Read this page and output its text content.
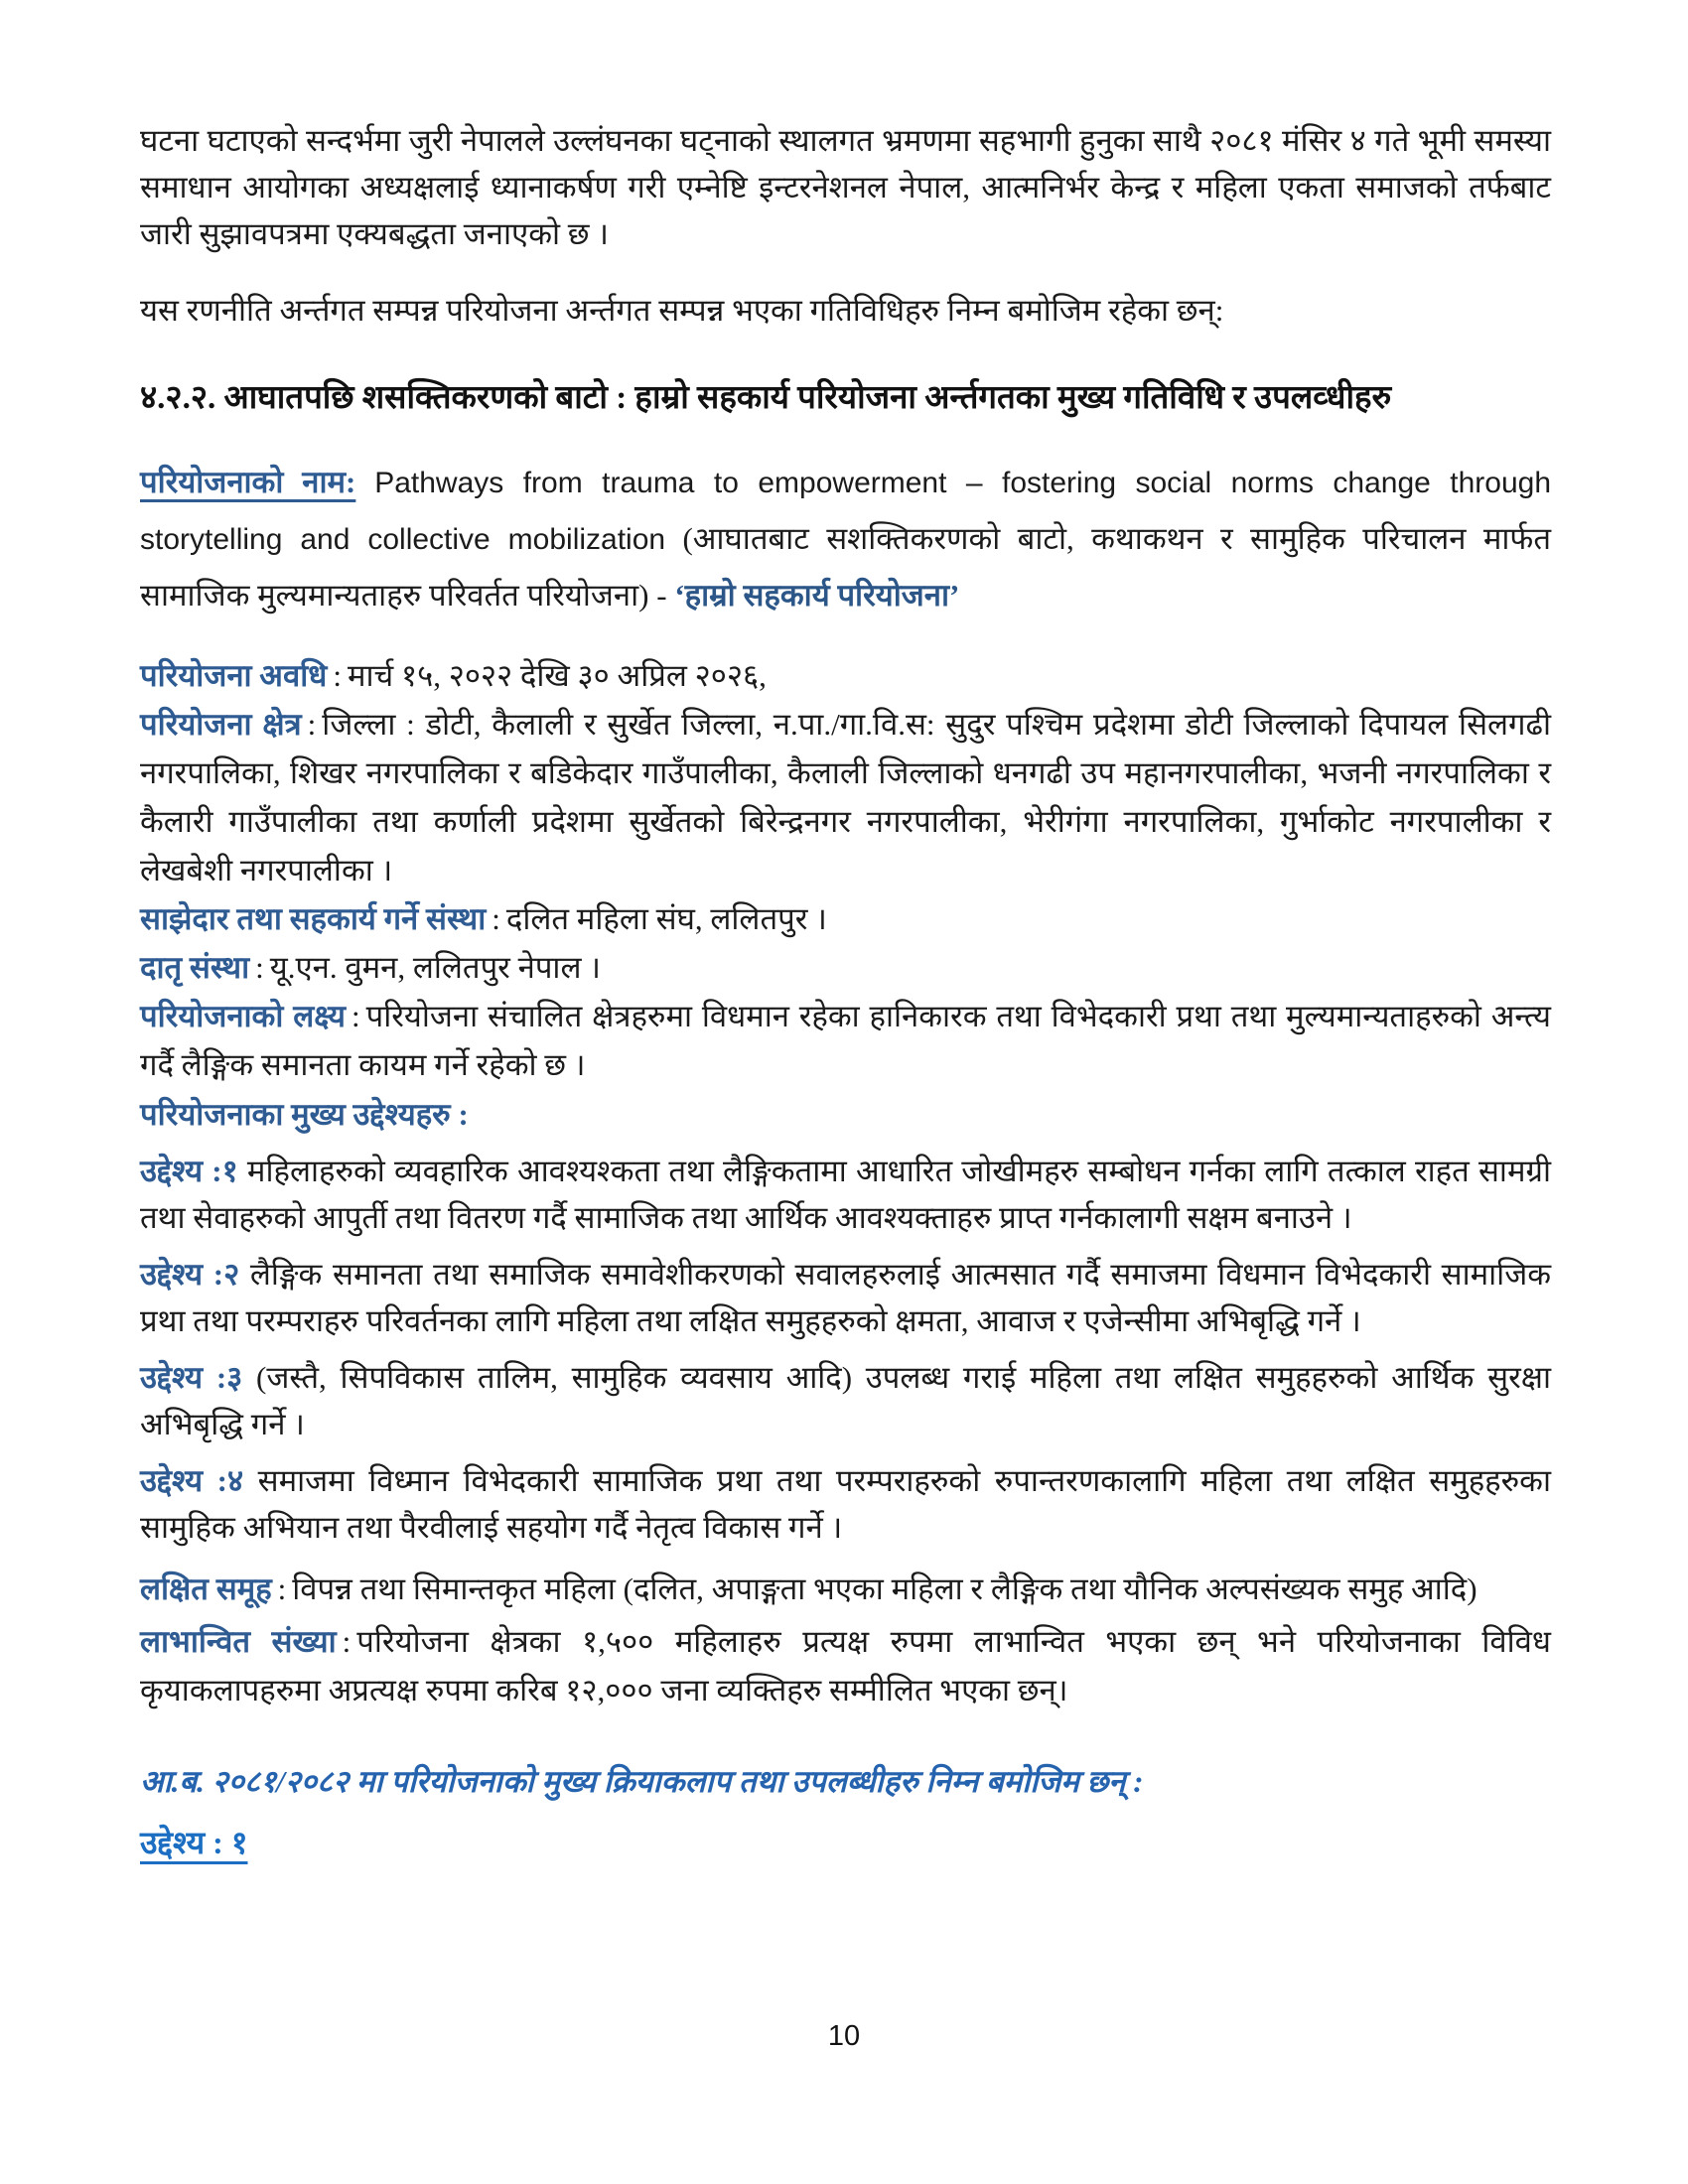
घटना घटाएको सन्दर्भमा जुरी नेपालले उल्लंघनका घट्नाको स्थालगत भ्रमणमा सहभागी हुनुका साथै २०८१ मंसिर ४ गते भूमी समस्या समाधान आयोगका अध्यक्षलाई ध्यानाकर्षण गरी एम्नेष्टि इन्टरनेशनल नेपाल, आत्मनिर्भर केन्द्र र महिला एकता समाजको तर्फबाट जारी सुझावपत्रमा एक्यबद्धता जनाएको छ ।

यस रणनीति अर्न्तगत सम्पन्न परियोजना अर्न्तगत सम्पन्न भएका गतिविधिहरु निम्न बमोजिम रहेका छन्:

४.२.२. आघातपछि शसक्तिकरणको बाटो : हाम्रो सहकार्य परियोजना अर्न्तगतका मुख्य गतिविधि र उपलव्धीहरु

परियोजनाको नाम: Pathways from trauma to empowerment – fostering social norms change through storytelling and collective mobilization (आघातबाट सशक्तिकरणको बाटो, कथाकथन र सामुहिक परिचालन मार्फत सामाजिक मुल्यमान्यताहरु परिवर्तत परियोजना) - ‘हाम्रो सहकार्य परियोजना’

परियोजना अवधि : मार्च १५, २०२२ देखि ३० अप्रिल २०२६,

परियोजना क्षेत्र : जिल्ला : डोटी, कैलाली र सुर्खेत जिल्ला, न.पा./गा.वि.स: सुदुर पश्चिम प्रदेशमा डोटी जिल्लाको दिपायल सिलगढी नगरपालिका, शिखर नगरपालिका र बडिकेदार गाउँपालीका, कैलाली जिल्लाको धनगढी उप महानगरपालीका, भजनी नगरपालिका र कैलारी गाउँपालीका तथा कर्णाली प्रदेशमा सुर्खेतको बिरेन्द्रनगर नगरपालीका, भेरीगंगा नगरपालिका, गुर्भाकोट नगरपालीका र लेखबेशी नगरपालीका ।

साझेदार तथा सहकार्य गर्ने संस्था : दलित महिला संघ, ललितपुर ।

दातृ संस्था : यू.एन. वुमन, ललितपुर नेपाल ।

परियोजनाको लक्ष्य : परियोजना संचालित क्षेत्रहरुमा विधमान रहेका हानिकारक तथा विभेदकारी प्रथा तथा मुल्यमान्यताहरुको अन्त्य गर्दै लैङ्गिक समानता कायम गर्ने रहेको छ ।

परियोजनाका मुख्य उद्देश्यहरु :

उद्देश्य :१ महिलाहरुको व्यवहारिक आवश्यश्कता तथा लैङ्गिकतामा आधारित जोखीमहरु सम्बोधन गर्नका लागि तत्काल राहत सामग्री तथा सेवाहरुको आपुर्ती तथा वितरण गर्दै सामाजिक तथा आर्थिक आवश्यक्ताहरु प्राप्त गर्नकालागी सक्षम बनाउने ।

उद्देश्य :२ लैङ्गिक समानता तथा समाजिक समावेशीकरणको सवालहरुलाई आत्मसात गर्दै समाजमा विधमान विभेदकारी सामाजिक प्रथा तथा परम्पराहरु परिवर्तनका लागि महिला तथा लक्षित समुहहरुको क्षमता, आवाज र एजेन्सीमा अभिबृद्धि गर्ने ।

उद्देश्य :३ (जस्तै, सिपविकास तालिम, सामुहिक व्यवसाय आदि) उपलब्ध गराई महिला तथा लक्षित समुहहरुको आर्थिक सुरक्षा अभिबृद्धि गर्ने ।

उद्देश्य :४ समाजमा विध्मान विभेदकारी सामाजिक प्रथा तथा परम्पराहरुको रुपान्तरणकालागि महिला तथा लक्षित समुहहरुका सामुहिक अभियान तथा पैरवीलाई सहयोग गर्दै नेतृत्व विकास गर्ने ।

लक्षित समूह : विपन्न तथा सिमान्तकृत महिला (दलित, अपाङ्गता भएका महिला र लैङ्गिक तथा यौनिक अल्पसंख्यक समुह आदि)

लाभान्वित संख्या : परियोजना क्षेत्रका १,५०० महिलाहरु प्रत्यक्ष रुपमा लाभान्वित भएका छन् भने परियोजनाका विविध कृयाकलापहरुमा अप्रत्यक्ष रुपमा करिब १२,००० जना व्यक्तिहरु सम्मीलित भएका छन्।

आ.ब. २०८१/२०८२ मा परियोजनाको मुख्य क्रियाकलाप तथा उपलब्धीहरु निम्न बमोजिम छन् :

उद्देश्य : १

10
